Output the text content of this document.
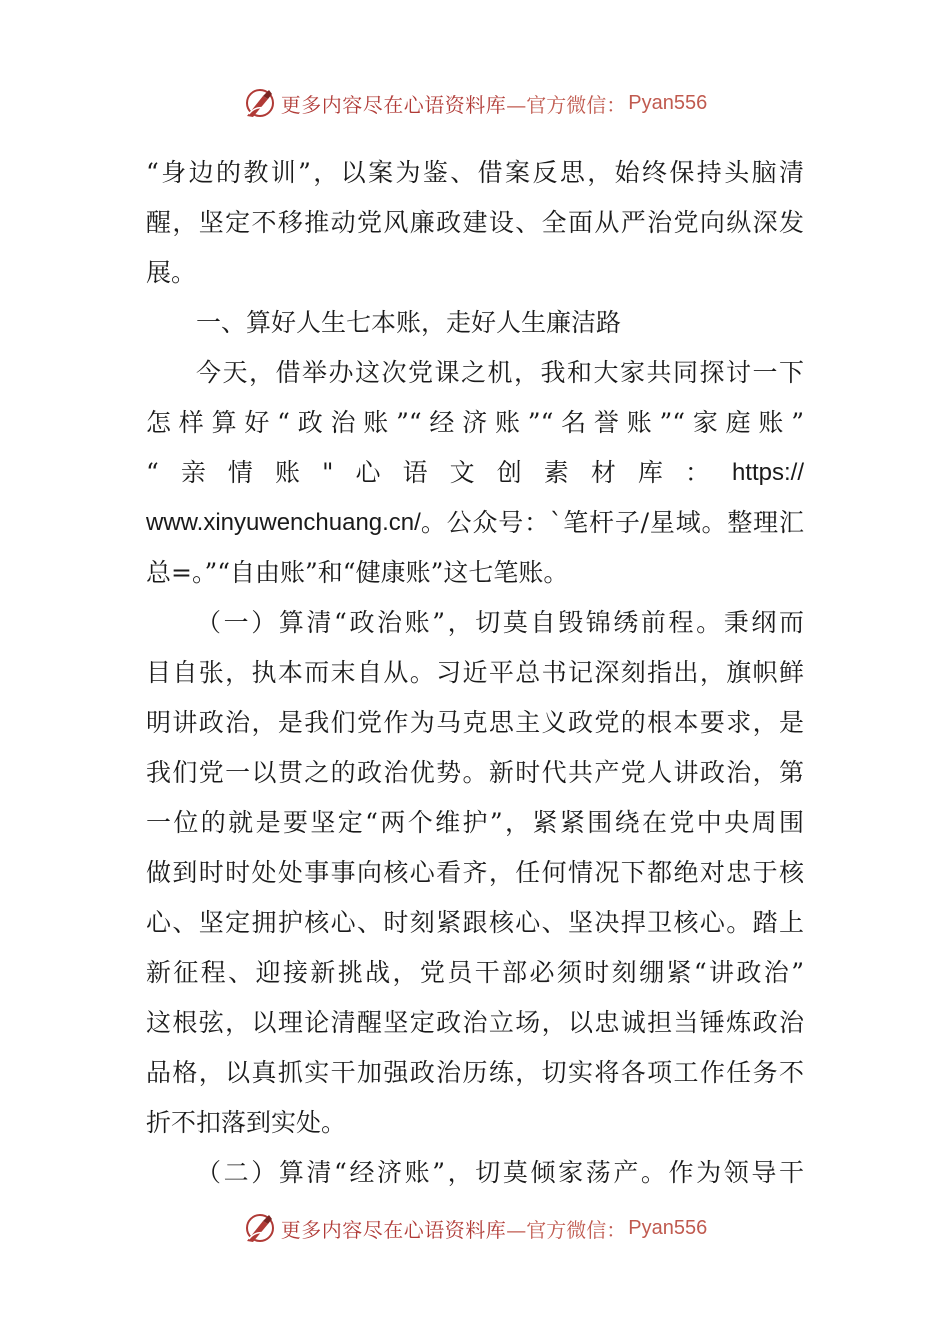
更多内容尽在心语资料库 —官方微信： Pyan556
“身边的教训”，以案为鉴、借案反思，始终保持头脑清
醒，坚定不移推动党风廉政建设、全面从严治党向纵深发
展。
一、算好人生七本账，走好人生廉洁路
今天，借举办这次党课之机，我和大家共同探讨一下
怎样算好“政治账”“经济账”“名誉账”“家庭账”
“亲情账"心语文创素材库： https://
www.xinyuwenchuang.cn/ 。公众号：`笔杆子/星域。整理汇
总=。”“自由账”和“健康账”这七笔账。
（一）算清“政治账”，切莫自毁锦绣前程。秉纲而
目自张，执本而末自从。习近平总书记深刻指出，旗帜鲜
明讲政治，是我们党作为马克思主义政党的根本要求，是
我们党一以贯之的政治优势。新时代共产党人讲政治，第
一位的就是要坚定“两个维护”，紧紧围绕在党中央周围
做到时时处处事事向核心看齐，任何情况下都绝对忠于核
心、坚定拥护核心、时刻紧跟核心、坚决捍卫核心。踏上
新征程、迎接新挑战，党员干部必须时刻绷紧“讲政治”
这根弦，以理论清醒坚定政治立场，以忠诚担当锤炼政治
品格，以真抓实干加强政治历练，切实将各项工作任务不
折不扣落到实处。
（二）算清“经济账”，切莫倾家荡产。作为领导干
更多内容尽在心语资料库 —官方微信： Pyan556
